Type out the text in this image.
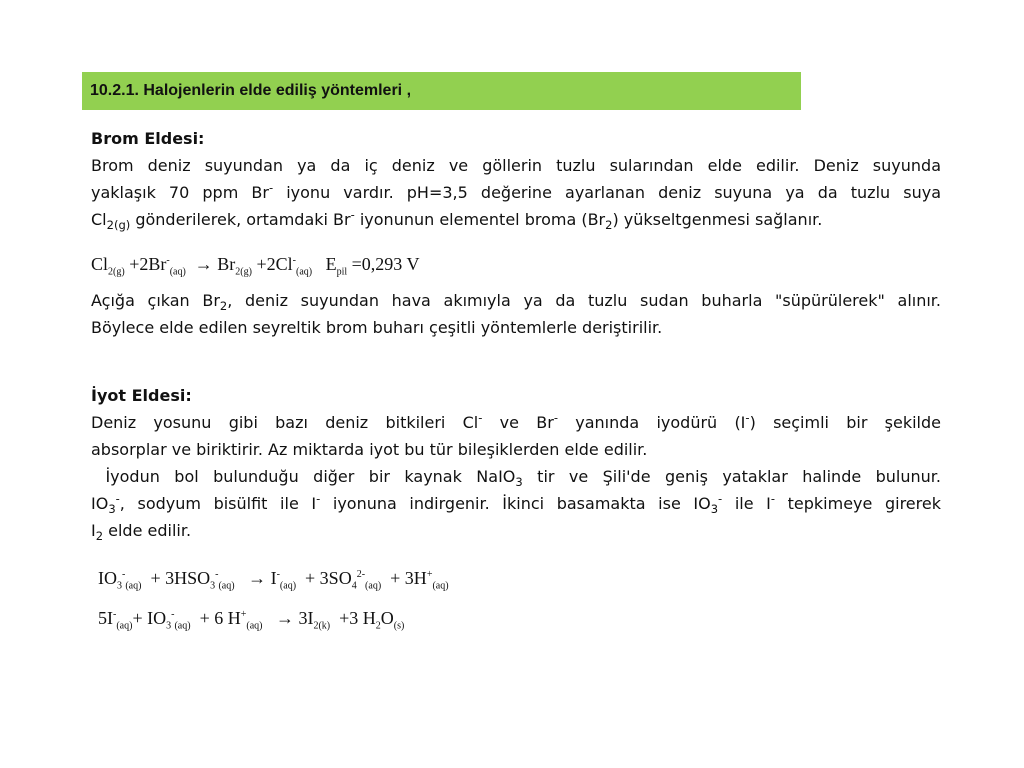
10.2.1. Halojenlerin elde ediliş yöntemleri ,
Brom Eldesi:
Brom deniz suyundan ya da iç deniz ve göllerin tuzlu sularından elde edilir. Deniz suyunda
yaklaşık 70 ppm Br- iyonu vardır. pH=3,5 değerine ayarlanan deniz suyuna ya da tuzlu suya
$Cl_{2(g)}$ gönderilerek, ortamdaki Br- iyonunun elementel broma $(Br_2)$ yükseltgenmesi sağlanır.
$Cl_{2(g)} +2Br^-_{(aq)} \to Br_{2(g)} +2Cl^-_{(aq)}$   $E_{pil} =0,293$ V
Açığa çıkan $Br_2$, deniz suyundan hava akımıyla ya da tuzlu sudan buharla "süpürülerek" alınır.
Böylece elde edilen seyreltik brom buharı çeşitli yöntemlerle deriştirilir.
İyot Eldesi:
Deniz yosunu gibi bazı deniz bitkileri Cl- ve Br- yanında iyodürü (I-) seçimli bir şekilde
absorplar ve biriktirir. Az miktarda iyot bu tür bileşiklerden elde edilir.
İyodun bol bulunduğu diğer bir kaynak NaIO$_3$ tir ve Şili'de geniş yataklar halinde bulunur.
$IO_3^-$, sodyum bisülfit ile I- iyonuna indirgenir. İkinci basamakta ise $IO_3^-$ ile I- tepkimeye girerek
$I_2$ elde edilir.
$IO_3^-_{(aq)} + 3HSO_3^-_{(aq)} \to I^-_{(aq)} + 3SO_4^{2-}_{(aq)} + 3H^+_{(aq)}$
$5I^-_{(aq)}+ IO_3^-_{(aq)} + 6$ $H^+_{(aq)} \to 3I_{2(k)} +3$ $H_2O_{(s)}$
